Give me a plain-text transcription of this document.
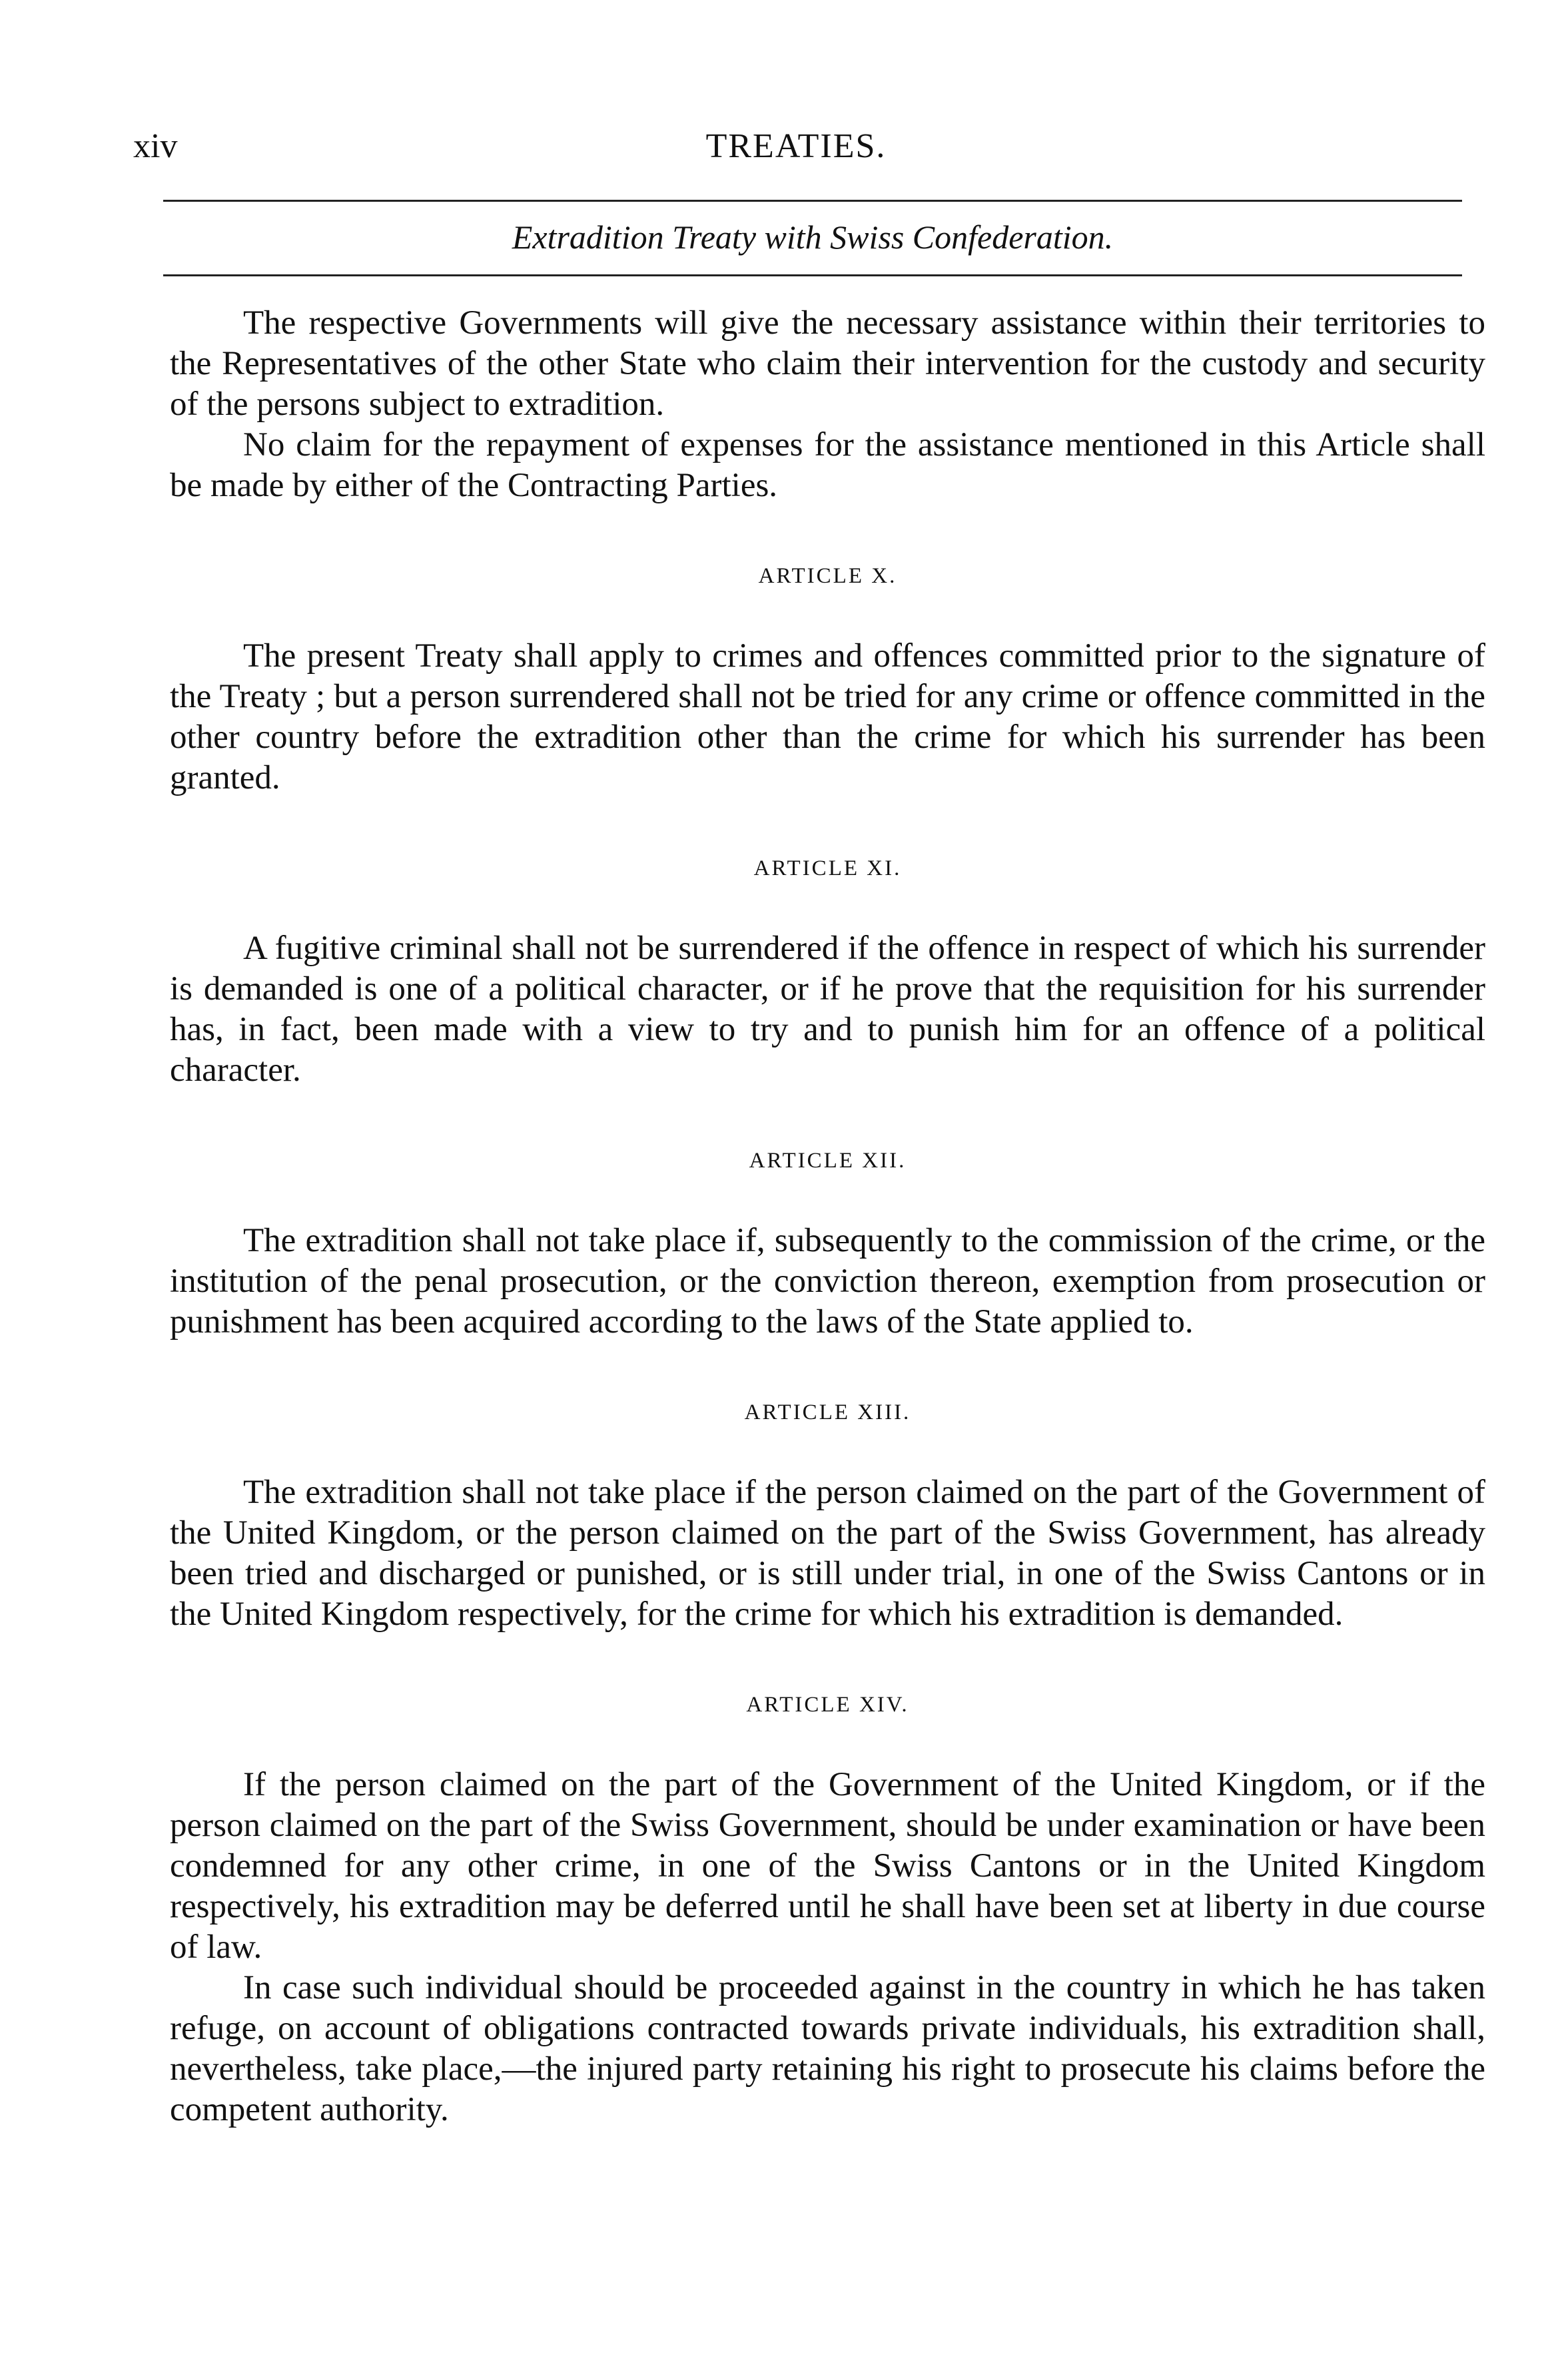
xiv	TREATIES.
Extradition Treaty with Swiss Confederation.

The respective Governments will give the necessary assistance within their territories to the Representatives of the other State who claim their intervention for the custody and security of the persons subject to extradition.

No claim for the repayment of expenses for the assistance mentioned in this Article shall be made by either of the Contracting Parties.

ARTICLE X.

The present Treaty shall apply to crimes and offences committed prior to the signature of the Treaty ; but a person surrendered shall not be tried for any crime or offence committed in the other country before the extradition other than the crime for which his surrender has been granted.

ARTICLE XI.

A fugitive criminal shall not be surrendered if the offence in respect of which his surrender is demanded is one of a political character, or if he prove that the requisition for his surrender has, in fact, been made with a view to try and to punish him for an offence of a political character.

ARTICLE XII.

The extradition shall not take place if, subsequently to the commission of the crime, or the institution of the penal prosecution, or the conviction thereon, exemption from prosecution or punishment has been acquired according to the laws of the State applied to.

ARTICLE XIII.

The extradition shall not take place if the person claimed on the part of the Government of the United Kingdom, or the person claimed on the part of the Swiss Government, has already been tried and discharged or punished, or is still under trial, in one of the Swiss Cantons or in the United Kingdom respectively, for the crime for which his extradition is demanded.

ARTICLE XIV.

If the person claimed on the part of the Government of the United Kingdom, or if the person claimed on the part of the Swiss Government, should be under examination or have been condemned for any other crime, in one of the Swiss Cantons or in the United Kingdom respectively, his extradition may be deferred until he shall have been set at liberty in due course of law.

In case such individual should be proceeded against in the country in which he has taken refuge, on account of obligations contracted towards private individuals, his extradition shall, nevertheless, take place,—the injured party retaining his right to prosecute his claims before the competent authority.
